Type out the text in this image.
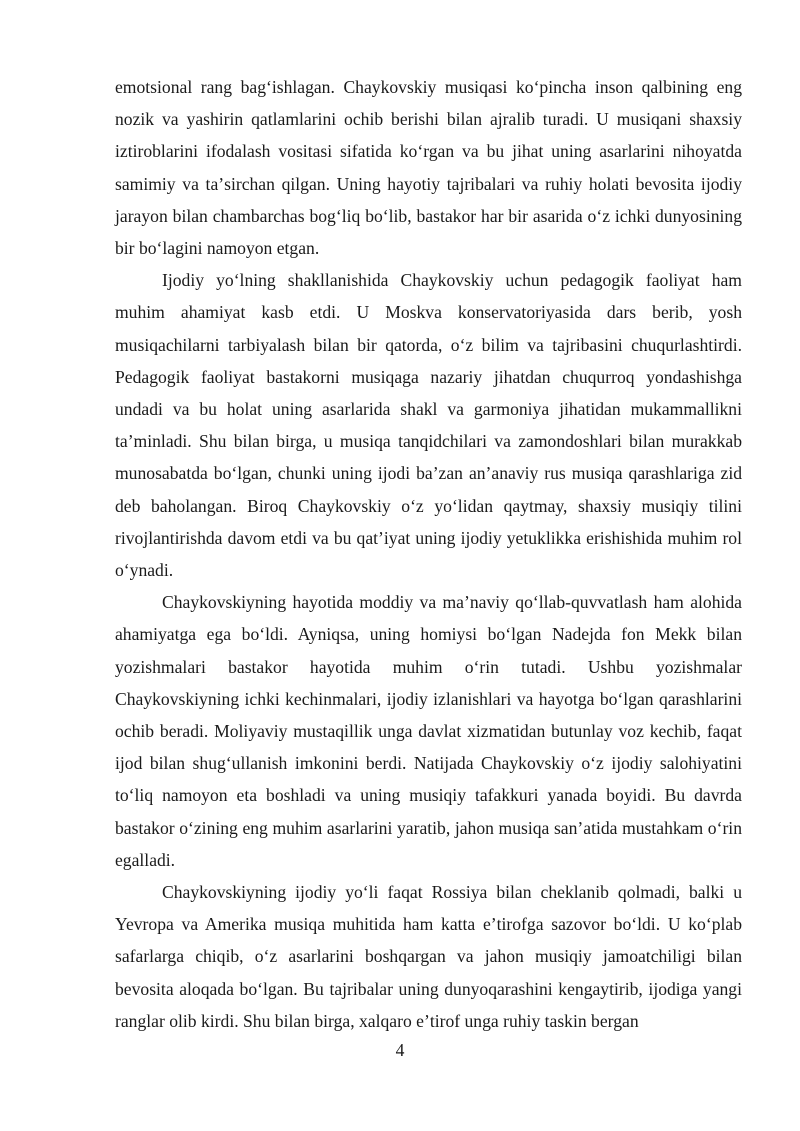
emotsional rang bagʻishlagan. Chaykovskiy musiqasi koʻpincha inson qalbining eng nozik va yashirin qatlamlarini ochib berishi bilan ajralib turadi. U musiqani shaxsiy iztiroblarini ifodalash vositasi sifatida koʻrgan va bu jihat uning asarlarini nihoyatda samimiy va taʼsirchan qilgan. Uning hayotiy tajribalari va ruhiy holati bevosita ijodiy jarayon bilan chambarchas bogʻliq boʻlib, bastakor har bir asarida oʻz ichki dunyosining bir boʻlagini namoyon etgan.

Ijodiy yoʻlning shakllanishida Chaykovskiy uchun pedagogik faoliyat ham muhim ahamiyat kasb etdi. U Moskva konservatoriyasida dars berib, yosh musiqachilarni tarbiyalash bilan bir qatorda, oʻz bilim va tajribasini chuqurlashtirdi. Pedagogik faoliyat bastakorni musiqaga nazariy jihatdan chuqurroq yondashishga undadi va bu holat uning asarlarida shakl va garmoniya jihatidan mukammallikni taʼminladi. Shu bilan birga, u musiqa tanqidchilari va zamondoshlari bilan murakkab munosabatda boʻlgan, chunki uning ijodi baʼzan anʼanaviy rus musiqa qarashlariga zid deb baholangan. Biroq Chaykovskiy oʻz yoʻlidan qaytmay, shaxsiy musiqiy tilini rivojlantirishda davom etdi va bu qatʼiyat uning ijodiy yetuklikka erishishida muhim rol oʻynadi.

Chaykovskiyning hayotida moddiy va maʼnaviy qoʻllab-quvvatlash ham alohida ahamiyatga ega boʻldi. Ayniqsa, uning homiysi boʻlgan Nadejda fon Mekk bilan yozishmalari bastakor hayotida muhim oʻrin tutadi. Ushbu yozishmalar Chaykovskiyning ichki kechinmalari, ijodiy izlanishlari va hayotga boʻlgan qarashlarini ochib beradi. Moliyaviy mustaqillik unga davlat xizmatidan butunlay voz kechib, faqat ijod bilan shugʻullanish imkonini berdi. Natijada Chaykovskiy oʻz ijodiy salohiyatini toʻliq namoyon eta boshladi va uning musiqiy tafakkuri yanada boyidi. Bu davrda bastakor oʻzining eng muhim asarlarini yaratib, jahon musiqa sanʼatida mustahkam oʻrin egalladi.

Chaykovskiyning ijodiy yoʻli faqat Rossiya bilan cheklanib qolmadi, balki u Yevropa va Amerika musiqa muhitida ham katta eʼtirofga sazovor boʻldi. U koʻplab safarlarga chiqib, oʻz asarlarini boshqargan va jahon musiqiy jamoatchiligi bilan bevosita aloqada boʻlgan. Bu tajribalar uning dunyoqarashini kengaytirib, ijodiga yangi ranglar olib kirdi. Shu bilan birga, xalqaro eʼtirof unga ruhiy taskin bergan

4
